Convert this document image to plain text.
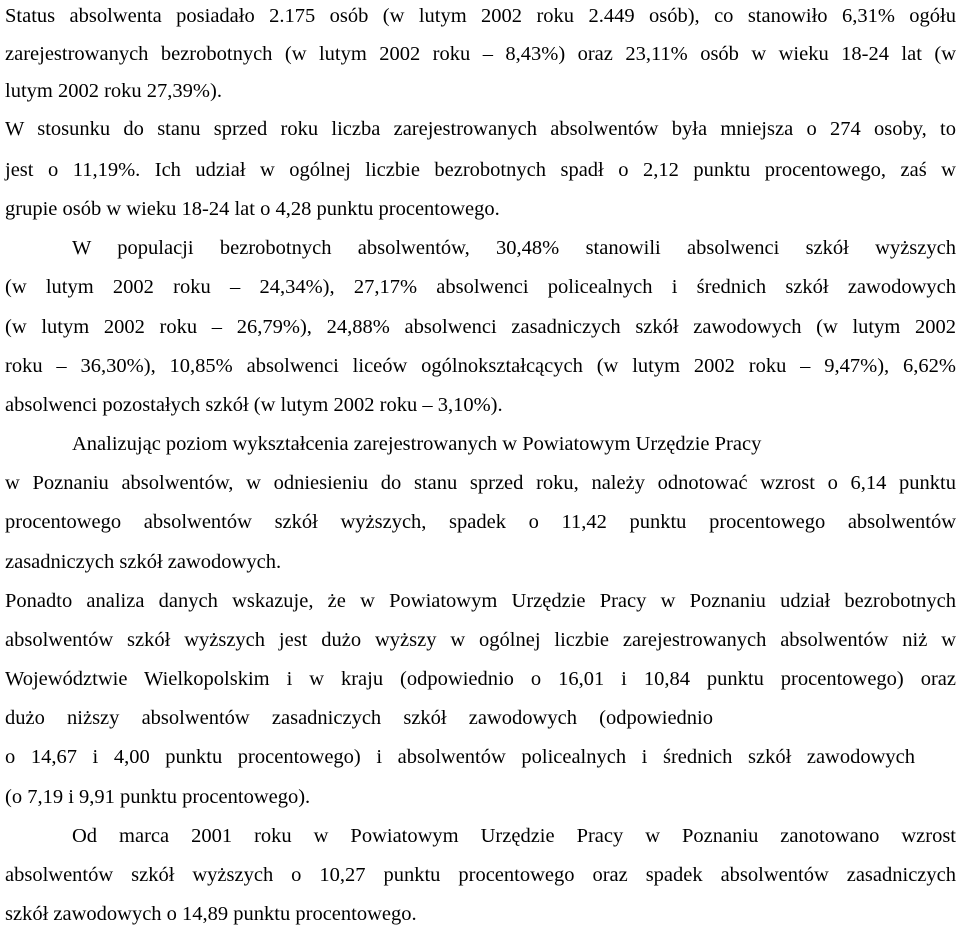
Status absolwenta posiadało 2.175 osób (w lutym 2002 roku 2.449 osób), co stanowiło 6,31% ogółu
zarejestrowanych bezrobotnych (w lutym 2002 roku – 8,43%) oraz 23,11% osób w wieku 18-24 lat (w
lutym 2002 roku 27,39%).
W stosunku do stanu sprzed roku liczba zarejestrowanych absolwentów była mniejsza o 274 osoby, to
jest o 11,19%. Ich udział w ogólnej liczbie bezrobotnych spadł o 2,12 punktu procentowego, zaś w
grupie osób w wieku 18-24 lat o 4,28 punktu procentowego.
W populacji bezrobotnych absolwentów, 30,48% stanowili absolwenci szkół wyższych
(w lutym 2002 roku – 24,34%), 27,17% absolwenci policealnych i średnich szkół zawodowych
(w lutym 2002 roku – 26,79%), 24,88% absolwenci zasadniczych szkół zawodowych (w lutym 2002
roku – 36,30%), 10,85% absolwenci liceów ogólnokształcących (w lutym 2002 roku – 9,47%), 6,62%
absolwenci pozostałych szkół (w lutym 2002 roku – 3,10%).
Analizując poziom wykształcenia zarejestrowanych w Powiatowym Urzędzie Pracy
w Poznaniu absolwentów, w odniesieniu do stanu sprzed roku, należy odnotować wzrost o 6,14 punktu
procentowego absolwentów szkół wyższych, spadek o 11,42 punktu procentowego absolwentów
zasadniczych szkół zawodowych.
Ponadto analiza danych wskazuje, że w Powiatowym Urzędzie Pracy w Poznaniu udział bezrobotnych
absolwentów szkół wyższych jest dużo wyższy w ogólnej liczbie zarejestrowanych absolwentów niż w
Województwie Wielkopolskim i w kraju (odpowiednio o 16,01 i 10,84 punktu procentowego) oraz
dużo niższy absolwentów zasadniczych szkół zawodowych (odpowiednio
o 14,67 i 4,00 punktu procentowego) i absolwentów policealnych i średnich szkół zawodowych
(o 7,19 i 9,91 punktu procentowego).
Od marca 2001 roku w Powiatowym Urzędzie Pracy w Poznaniu zanotowano wzrost
absolwentów szkół wyższych o 10,27 punktu procentowego oraz spadek absolwentów zasadniczych
szkół zawodowych o 14,89 punktu procentowego.
